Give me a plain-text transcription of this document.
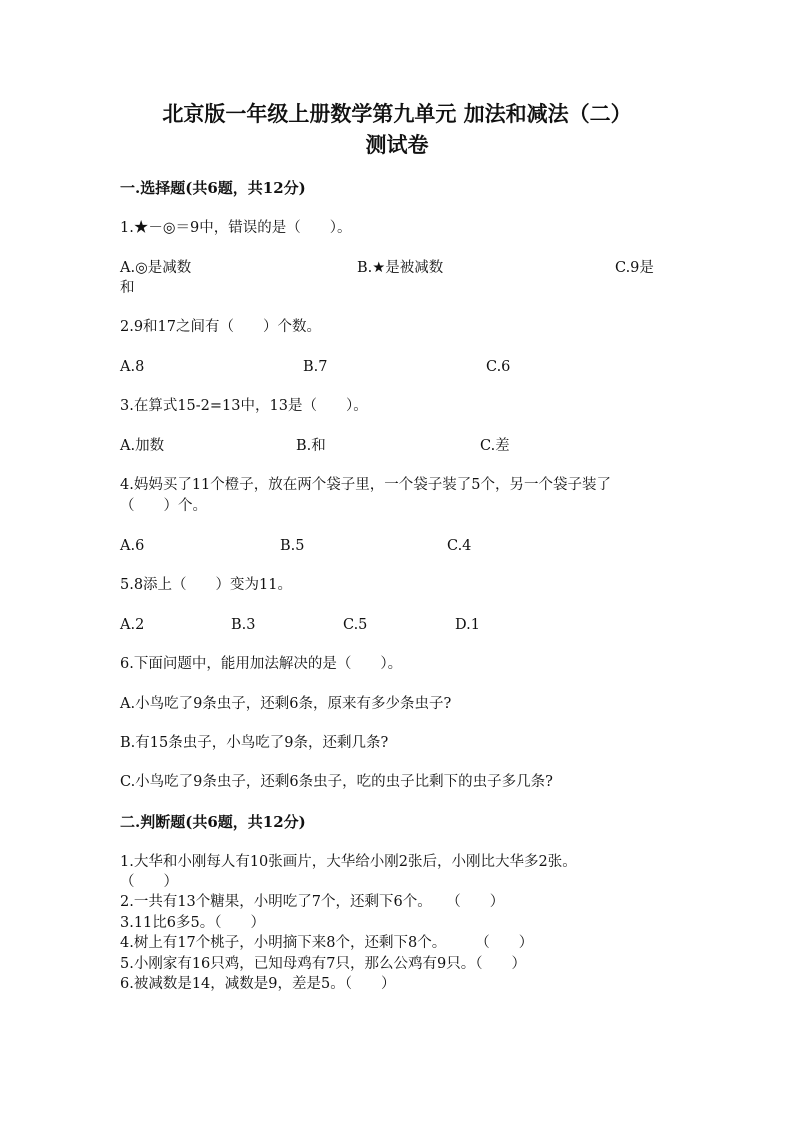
北京版一年级上册数学第九单元 加法和减法（二）
测试卷
一.选择题(共6题，共12分)
1.★－◎＝9中，错误的是（　　）。
A.◎是减数	B.★是被减数	C.9是
和
2.9和17之间有（　　）个数。
A.8	B.7	C.6
3.在算式15-2=13中，13是（　　）。
A.加数	B.和	C.差
4.妈妈买了11个橙子，放在两个袋子里，一个袋子装了5个，另一个袋子装了
（　　）个。
A.6	B.5	C.4
5.8添上（　　）变为11。
A.2	B.3	C.5	D.1
6.下面问题中，能用加法解决的是（　　）。
A.小鸟吃了9条虫子，还剩6条，原来有多少条虫子?
B.有15条虫子，小鸟吃了9条，还剩几条?
C.小鸟吃了9条虫子，还剩6条虫子，吃的虫子比剩下的虫子多几条?
二.判断题(共6题，共12分)
1.大华和小刚每人有10张画片，大华给小刚2张后，小刚比大华多2张。
（　　）
2.一共有13个糖果，小明吃了7个，还剩下6个。　　（　　）
3.11比6多5。（　　）
4.树上有17个桃子，小明摘下来8个，还剩下8个。　　　（　　）
5.小刚家有16只鸡，已知母鸡有7只，那么公鸡有9只。（　　）
6.被减数是14，减数是9，差是5。（　　）
